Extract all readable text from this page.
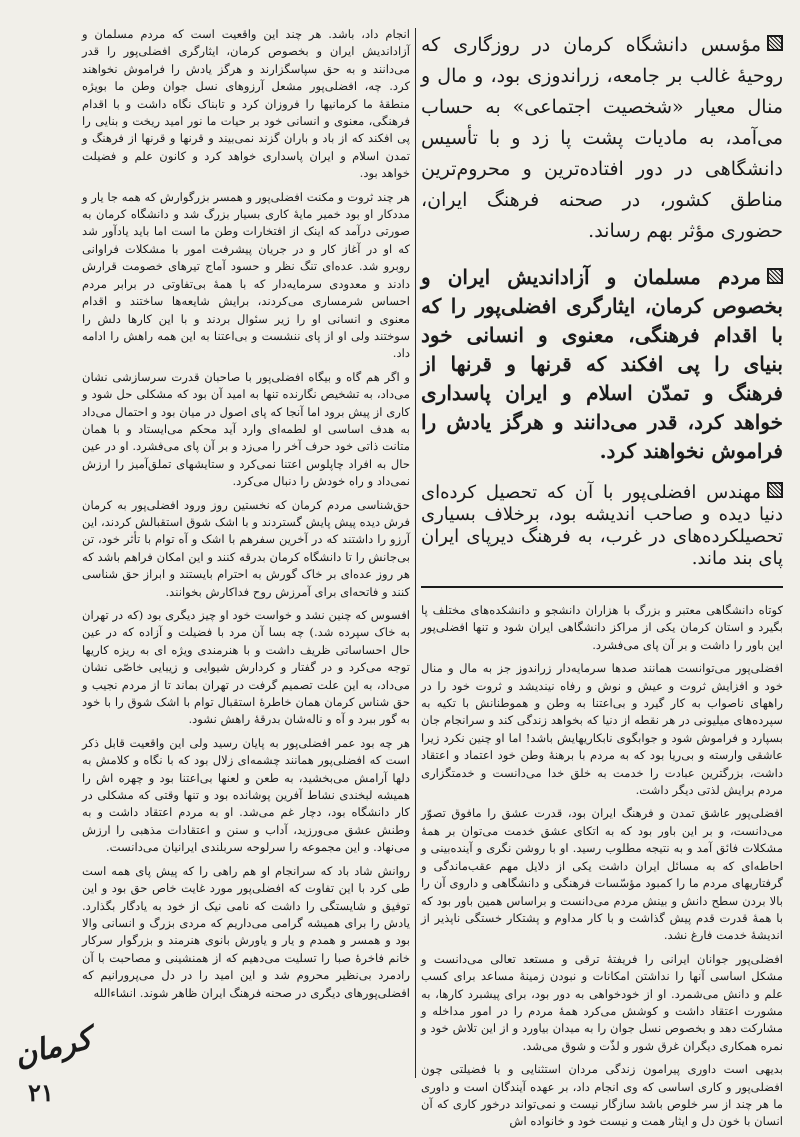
مؤسس دانشگاه کرمان در روزگاری که روحیهٔ غالب بر جامعه، زراندوزی بود، و مال و منال معیار «شخصیت اجتماعی» به حساب می‌آمد، به مادیات پشت پا زد و با تأسیس دانشگاهی در دور افتاده‌ترین و محروم‌ترین مناطق کشور، در صحنه فرهنگ ایران، حضوری مؤثر بهم رساند.

مردم مسلمان و آزاداندیش ایران و بخصوص کرمان، ایثارگری افضلی‌پور را که با اقدام فرهنگی، معنوی و انسانی خود بنیای را پی افکند که قرنها و قرنها از فرهنگ و تمدّن اسلام و ایران پاسداری خواهد کرد، قدر می‌دانند و هرگز یادش را فراموش نخواهند کرد.

مهندس افضلی‌پور با آن که تحصیل کرده‌ای دنیا دیده و صاحب اندیشه بود، برخلاف بسیاری تحصیلکرده‌های در غرب، به فرهنگ دیرپای ایران پای بند ماند.

کوتاه دانشگاهی معتبر و بزرگ با هزاران دانشجو و دانشکده‌های مختلف پا بگیرد و استان کرمان یکی از مراکز دانشگاهی ایران شود و تنها افضلی‌پور این باور را داشت و بر آن پای می‌فشرد.

افضلی‌پور می‌توانست همانند صدها سرمایه‌دار زراندوز جز به مال و منال خود و افزایش ثروت و عیش و نوش و رفاه نیندیشد و ثروت خود را در راههای ناصواب به کار گیرد و بی‌اعتنا به وطن و هموطنانش با تکیه به سپرده‌های میلیونی در هر نقطه از دنیا که بخواهد زندگی کند و سرانجام جان بسپارد و فراموش شود و جوابگوی نابکاریهایش باشد! اما او چنین نکرد زیرا عاشقی وارسته و بی‌ریا بود که به مردم با برهنهٔ وطن خود اعتماد و اعتقاد داشت، بزرگترین عبادت را خدمت به خلق خدا می‌دانست و خدمتگزاری مردم برایش لذتی دیگر داشت.

افضلی‌پور عاشق تمدن و فرهنگ ایران بود، قدرت عشق را مافوق تصوّر می‌دانست، و بر این باور بود که به اتکای عشق خدمت می‌توان بر همهٔ مشکلات فائق آمد و به نتیجه مطلوب رسید. او با روشن نگری و آینده‌بینی و احاطه‌ای که به مسائل ایران داشت یکی از دلایل مهم عقب‌ماندگی و گرفتاریهای مردم ما را کمبود مؤسّسات فرهنگی و دانشگاهی و داروی آن را بالا بردن سطح دانش و بینش مردم می‌دانست و براساس همین باور بود که با همهٔ قدرت قدم پیش گذاشت و با کار مداوم و پشتکار خستگی ناپذیر از اندیشهٔ خدمت فارغ نشد.

افضلی‌پور جوانان ایرانی را فریفتهٔ ترقی و مستعد تعالی می‌دانست و مشکل اساسی آنها را نداشتن امکانات و نبودن زمینهٔ مساعد برای کسب علم و دانش می‌شمرد. او از خودخواهی به دور بود، برای پیشبرد کارها، به مشورت اعتقاد داشت و کوشش می‌کرد همهٔ مردم را در امور مداخله و مشارکت دهد و بخصوص نسل جوان را به میدان بیاورد و از این تلاش خود و نمره همکاری دیگران غرق شور و لذّت و شوق می‌شد.

بدیهی است داوری پیرامون زندگی مردان استثنایی و با فضیلتی چون افضلی‌پور و کاری اساسی که وی انجام داد، بر عهده آیندگان است و داوری ما هر چند از سر خلوص باشد سازگار نیست و نمی‌تواند درخور کاری که آن انسان با خون دل و ایثار همت و نیست خود و خانواده اش

انجام داد، باشد. هر چند این واقعیت است که مردم مسلمان و آزاداندیش ایران و بخصوص کرمان، ایثارگری افضلی‌پور را قدر می‌دانند و به حق سپاسگزارند و هرگز یادش را فراموش نخواهند کرد. چه، افضلی‌پور مشعل آرزوهای نسل جوان وطن ما بویژه منطقهٔ ما کرمانیها را فروزان کرد و تابناک نگاه داشت و با اقدام فرهنگی، معنوی و انسانی خود بر حیات ما نور امید ریخت و بنایی را پی افکند که از باد و باران گزند نمی‌بیند و قرنها و قرنها از فرهنگ و تمدن اسلام و ایران پاسداری خواهد کرد و کانون علم و فضیلت خواهد بود.

هر چند ثروت و مکنت افضلی‌پور و همسر بزرگوارش که همه جا یار و مددکار او بود خمیر مایهٔ کاری بسیار بزرگ شد و دانشگاه کرمان به صورتی درآمد که اینک از افتخارات وطن ما است اما باید یادآور شد که او در آغاز کار و در جریان پیشرفت امور با مشکلات فراوانی روبرو شد. عده‌ای تنگ نظر و حسود آماج تیرهای خصومت قرارش دادند و معدودی سرمایه‌دار که با همهٔ بی‌تفاوتی در برابر مردم احساس شرمساری می‌کردند، برایش شایعه‌ها ساختند و اقدام معنوی و انسانی او را زیر سئوال بردند و با این کارها دلش را سوختند ولی او از پای ننشست و بی‌اعتنا به این همه راهش را ادامه داد.

و اگر هم گاه و بیگاه افضلی‌پور با صاحبان قدرت سرسازشی نشان می‌داد، به تشخیص نگارنده تنها به امید آن بود که مشکلی حل شود و کاری از پیش برود اما آنجا که پای اصول در میان بود و احتمال می‌داد به هدف اساسی او لطمه‌ای وارد آید محکم می‌ایستاد و با همان متانت ذاتی خود حرف آخر را می‌زد و بر آن پای می‌فشرد. او در عین حال به افراد چاپلوس اعتنا نمی‌کرد و ستایشهای تملق‌آمیز را ارزش نمی‌داد و راه خودش را دنبال می‌کرد.

حق‌شناسی مردم کرمان که نخستین روز ورود افضلی‌پور به کرمان فرش دیده پیش پایش گستردند و با اشک شوق استقبالش کردند، این آرزو را داشتند که در آخرین سفرهم با اشک و آه توام با تأثر خود، تن بی‌جانش را تا دانشگاه کرمان بدرقه کنند و این امکان فراهم باشد که هر روز عده‌ای بر خاک گورش به احترام بایستند و ابراز حق شناسی کنند و فاتحه‌ای برای آمرزش روح فداکارش بخوانند.

افسوس که چنین نشد و خواست خود او چیز دیگری بود (که در تهران به خاک سپرده شد.) چه بسا آن مرد با فضیلت و آزاده که در عین حال احساساتی ظریف داشت و با هنرمندی ویژه ای به ریزه کاریها توجه می‌کرد و در گفتار و کردارش شیوایی و زیبایی خاصّی نشان می‌داد، به این علت تصمیم گرفت در تهران بماند تا از مردم نجیب و حق شناس کرمان همان خاطرهٔ استقبال توام با اشک شوق را با خود به گور ببرد و آه و ناله‌شان بدرقهٔ راهش نشود.

هر چه بود عمر افضلی‌پور به پایان رسید ولی این واقعیت قابل ذکر است که افضلی‌پور همانند چشمه‌ای زلال بود که با نگاه و کلامش به دلها آرامش می‌بخشید، به طعن و لعنها بی‌اعتنا بود و چهره اش را همیشه لبخندی نشاط آفرین پوشانده بود و تنها وقتی که مشکلی در کار دانشگاه بود، دچار غم می‌شد. او به مردم اعتقاد داشت و به وطنش عشق می‌ورزید، آداب و سنن و اعتقادات مذهبی را ارزش می‌نهاد. و این مجموعه را سرلوحه سربلندی ایرانیان می‌دانست.

روانش شاد باد که سرانجام او هم راهی را که پیش پای همه است طی کرد با این تفاوت که افضلی‌پور مورد غایت خاص حق بود و این توفیق و شایستگی را داشت که نامی نیک از خود به یادگار بگذارد. یادش را برای همیشه گرامی می‌داریم که مردی بزرگ و انسانی والا بود و همسر و همدم و یار و یاورش بانوی هنرمند و بزرگوار سرکار خانم فاخرهٔ صبا را تسلیت می‌دهیم که از همنشینی و مصاحبت با آن رادمرد بی‌نظیر محروم شد و این امید را در دل می‌پرورانیم که افضلی‌پورهای دیگری در صحنه فرهنگ ایران ظاهر شوند. انشاءالله

کرمان
۲۱
